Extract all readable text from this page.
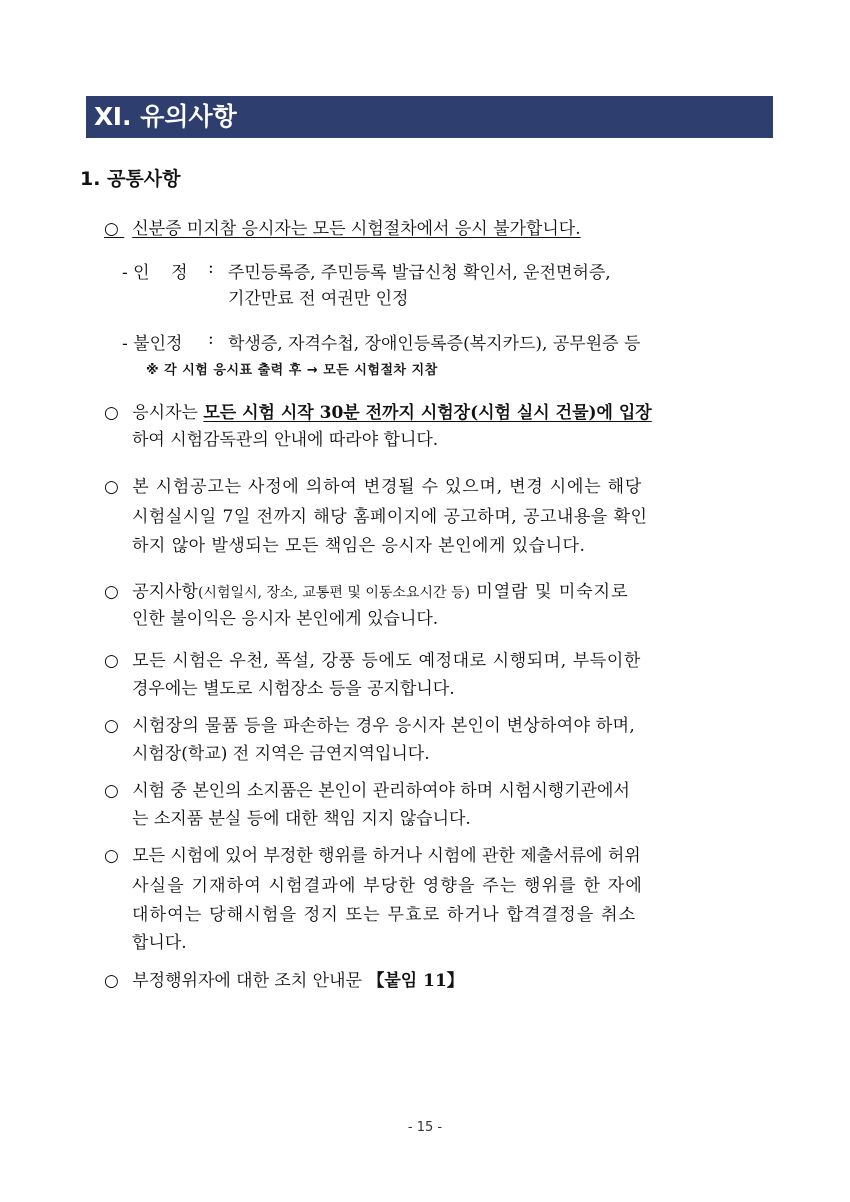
Ⅺ. 유의사항
1. 공통사항
○ 신분증 미지참 응시자는 모든 시험절차에서 응시 불가합니다.
- 인    정 : 주민등록증, 주민등록 발급신청 확인서, 운전면허증,
기간만료 전 여권만 인정
- 불인정 : 학생증, 자격수첩, 장애인등록증(복지카드), 공무원증 등
※ 각 시험 응시표 출력 후 → 모든 시험절차 지참
○ 응시자는 모든 시험 시작 30분 전까지 시험장(시험 실시 건물)에 입장
하여 시험감독관의 안내에 따라야 합니다.
○ 본 시험공고는 사정에 의하여 변경될 수 있으며, 변경 시에는 해당
시험실시일 7일 전까지 해당 홈페이지에 공고하며, 공고내용을 확인
하지 않아 발생되는 모든 책임은 응시자 본인에게 있습니다.
○ 공지사항(시험일시, 장소, 교통편 및 이동소요시간 등) 미열람 및 미숙지로
인한 불이익은 응시자 본인에게 있습니다.
○ 모든 시험은 우천, 폭설, 강풍 등에도 예정대로 시행되며, 부득이한
경우에는 별도로 시험장소 등을 공지합니다.
○ 시험장의 물품 등을 파손하는 경우 응시자 본인이 변상하여야 하며,
시험장(학교) 전 지역은 금연지역입니다.
○ 시험 중 본인의 소지품은 본인이 관리하여야 하며 시험시행기관에서
는 소지품 분실 등에 대한 책임 지지 않습니다.
○ 모든 시험에 있어 부정한 행위를 하거나 시험에 관한 제출서류에 허위
사실을 기재하여 시험결과에 부당한 영향을 주는 행위를 한 자에
대하여는 당해시험을 정지 또는 무효로 하거나 합격결정을 취소
합니다.
○ 부정행위자에 대한 조치 안내문 【붙임 11】
- 15 -
